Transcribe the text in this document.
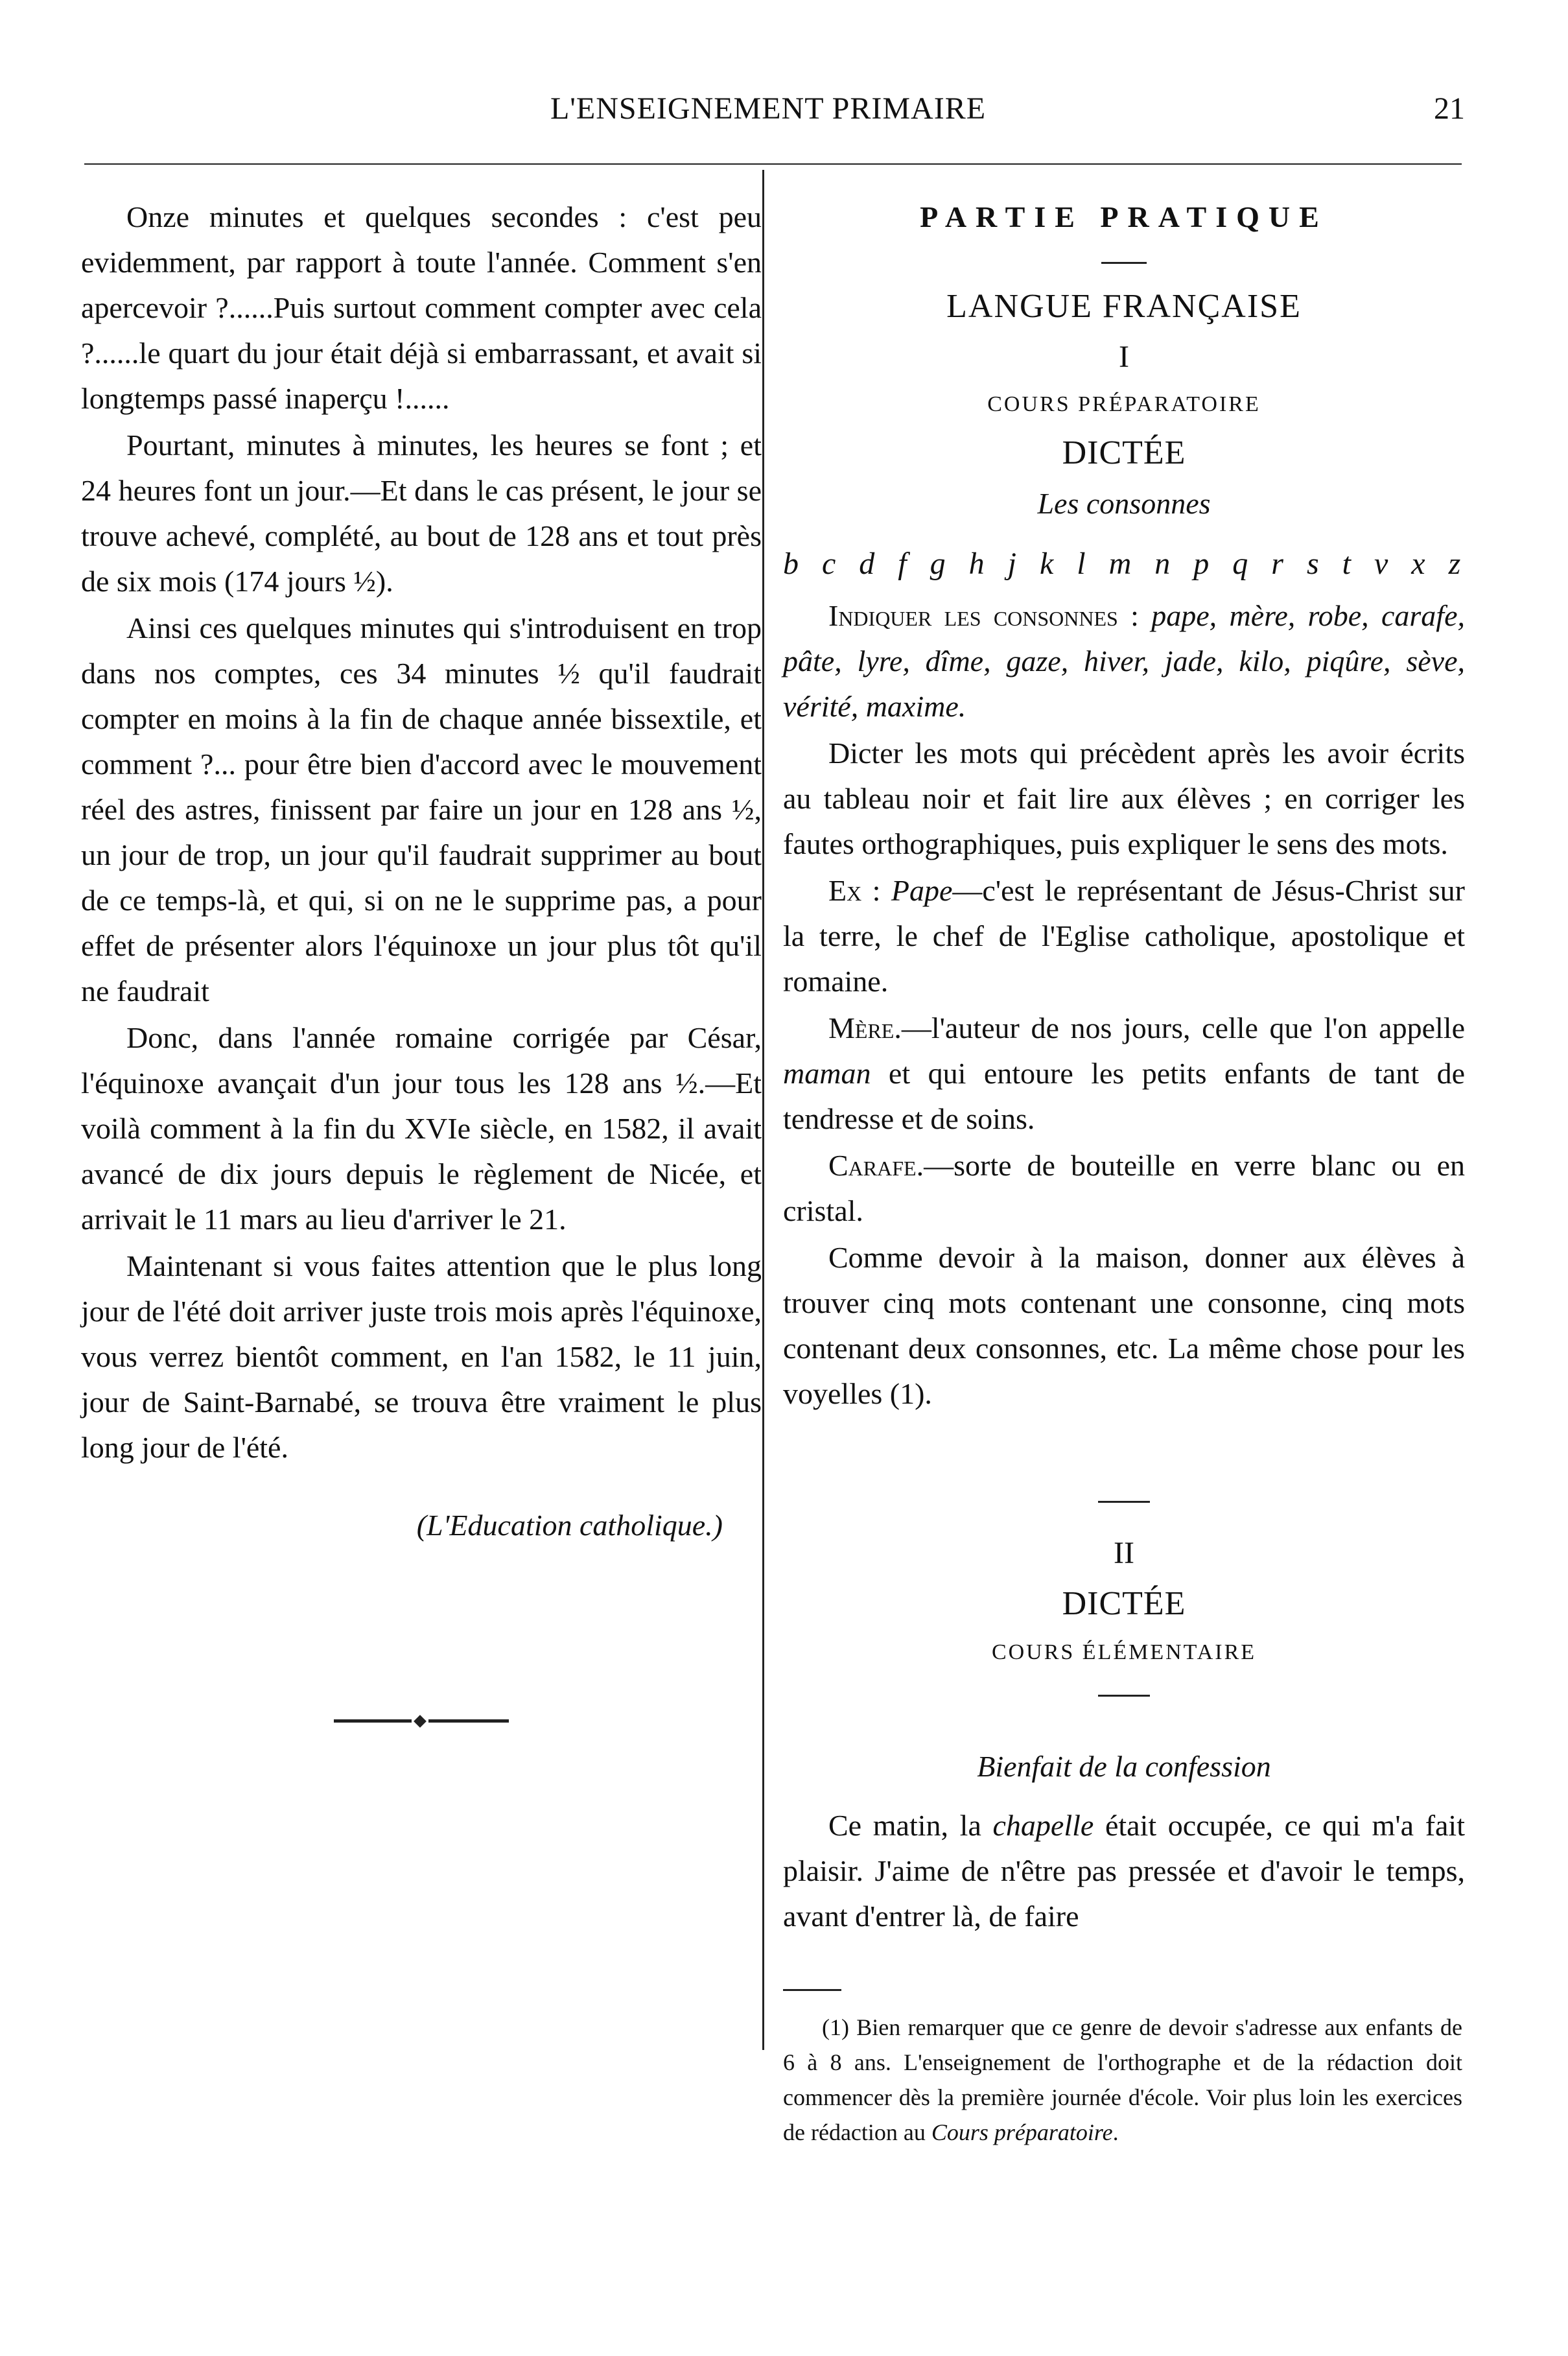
L'ENSEIGNEMENT PRIMAIRE	21

Onze minutes et quelques secondes : c'est peu evidemment, par rapport à toute l'année. Comment s'en apercevoir ?......Puis surtout comment compter avec cela ?......le quart du jour était déjà si embarrassant, et avait si longtemps passé inaperçu !......

Pourtant, minutes à minutes, les heures se font ; et 24 heures font un jour.—Et dans le cas présent, le jour se trouve achevé, complété, au bout de 128 ans et tout près de six mois (174 jours ½).

Ainsi ces quelques minutes qui s'introduisent en trop dans nos comptes, ces 34 minutes ½ qu'il faudrait compter en moins à la fin de chaque année bissextile, et comment ?... pour être bien d'accord avec le mouvement réel des astres, finissent par faire un jour en 128 ans ½, un jour de trop, un jour qu'il faudrait supprimer au bout de ce temps-là, et qui, si on ne le supprime pas, a pour effet de présenter alors l'équinoxe un jour plus tôt qu'il ne faudrait

Donc, dans l'année romaine corrigée par César, l'équinoxe avançait d'un jour tous les 128 ans ½.—Et voilà comment à la fin du XVIe siècle, en 1582, il avait avancé de dix jours depuis le règlement de Nicée, et arrivait le 11 mars au lieu d'arriver le 21.

Maintenant si vous faites attention que le plus long jour de l'été doit arriver juste trois mois après l'équinoxe, vous verrez bientôt comment, en l'an 1582, le 11 juin, jour de Saint-Barnabé, se trouva être vraiment le plus long jour de l'été.

(L'Education catholique.)
PARTIE PRATIQUE
LANGUE FRANÇAISE
I
COURS PRÉPARATOIRE
DICTÉE
Les consonnes
b c d f g h j k l m n p q r s t v x z

Indiquer les consonnes : pape, mère, robe, carafe, pâte, lyre, dîme, gaze, hiver, jade, kilo, piqûre, sève, vérité, maxime.

Dicter les mots qui précèdent après les avoir écrits au tableau noir et fait lire aux élèves ; en corriger les fautes orthographiques, puis expliquer le sens des mots.

Ex : Pape—c'est le représentant de Jésus-Christ sur la terre, le chef de l'Eglise catholique, apostolique et romaine.

Mère.—l'auteur de nos jours, celle que l'on appelle maman et qui entoure les petits enfants de tant de tendresse et de soins.

Carafe.—sorte de bouteille en verre blanc ou en cristal.

Comme devoir à la maison, donner aux élèves à trouver cinq mots contenant une consonne, cinq mots contenant deux consonnes, etc. La même chose pour les voyelles (1).

II
DICTÉE
COURS ÉLÉMENTAIRE
Bienfait de la confession

Ce matin, la chapelle était occupée, ce qui m'a fait plaisir. J'aime de n'être pas pressée et d'avoir le temps, avant d'entrer là, de faire

(1) Bien remarquer que ce genre de devoir s'adresse aux enfants de 6 à 8 ans. L'enseignement de l'orthographe et de la rédaction doit commencer dès la première journée d'école. Voir plus loin les exercices de rédaction au Cours préparatoire.
